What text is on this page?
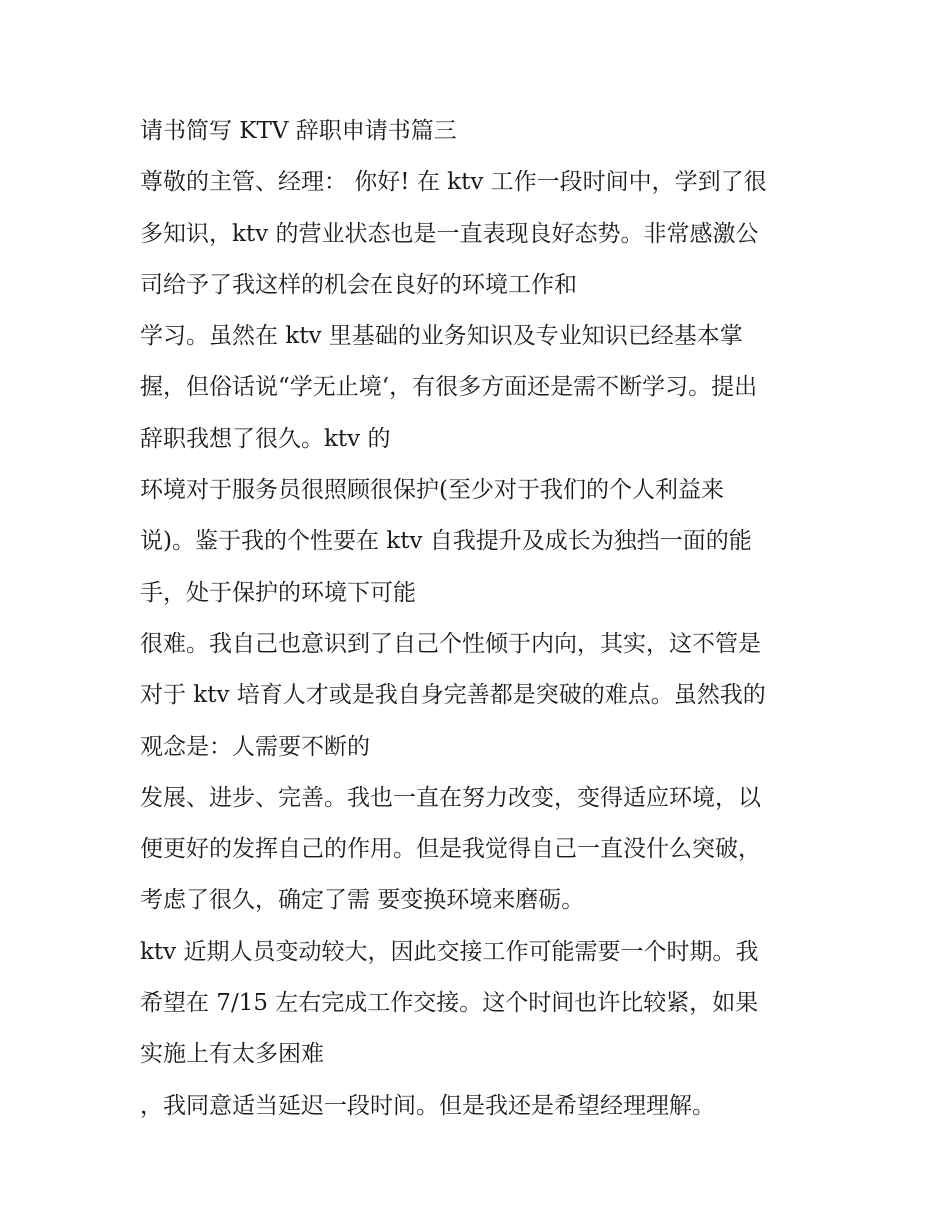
请书简写 KTV 辞职申请书篇三
尊敬的主管、经理： 你好! 在 ktv 工作一段时间中，学到了很
多知识，ktv 的营业状态也是一直表现良好态势。非常感激公
司给予了我这样的机会在良好的环境工作和
学习。虽然在 ktv 里基础的业务知识及专业知识已经基本掌
握，但俗话说“学无止境‘，有很多方面还是需不断学习。提出
辞职我想了很久。ktv 的
环境对于服务员很照顾很保护(至少对于我们的个人利益来
说)。鉴于我的个性要在 ktv 自我提升及成长为独挡一面的能
手，处于保护的环境下可能
很难。我自己也意识到了自己个性倾于内向，其实，这不管是
对于 ktv 培育人才或是我自身完善都是突破的难点。虽然我的
观念是：人需要不断的
发展、进步、完善。我也一直在努力改变，变得适应环境，以
便更好的发挥自己的作用。但是我觉得自己一直没什么突破，
考虑了很久，确定了需 要变换环境来磨砺。
ktv 近期人员变动较大，因此交接工作可能需要一个时期。我
希望在 7/15 左右完成工作交接。这个时间也许比较紧，如果
实施上有太多困难
，我同意适当延迟一段时间。但是我还是希望经理理解。
